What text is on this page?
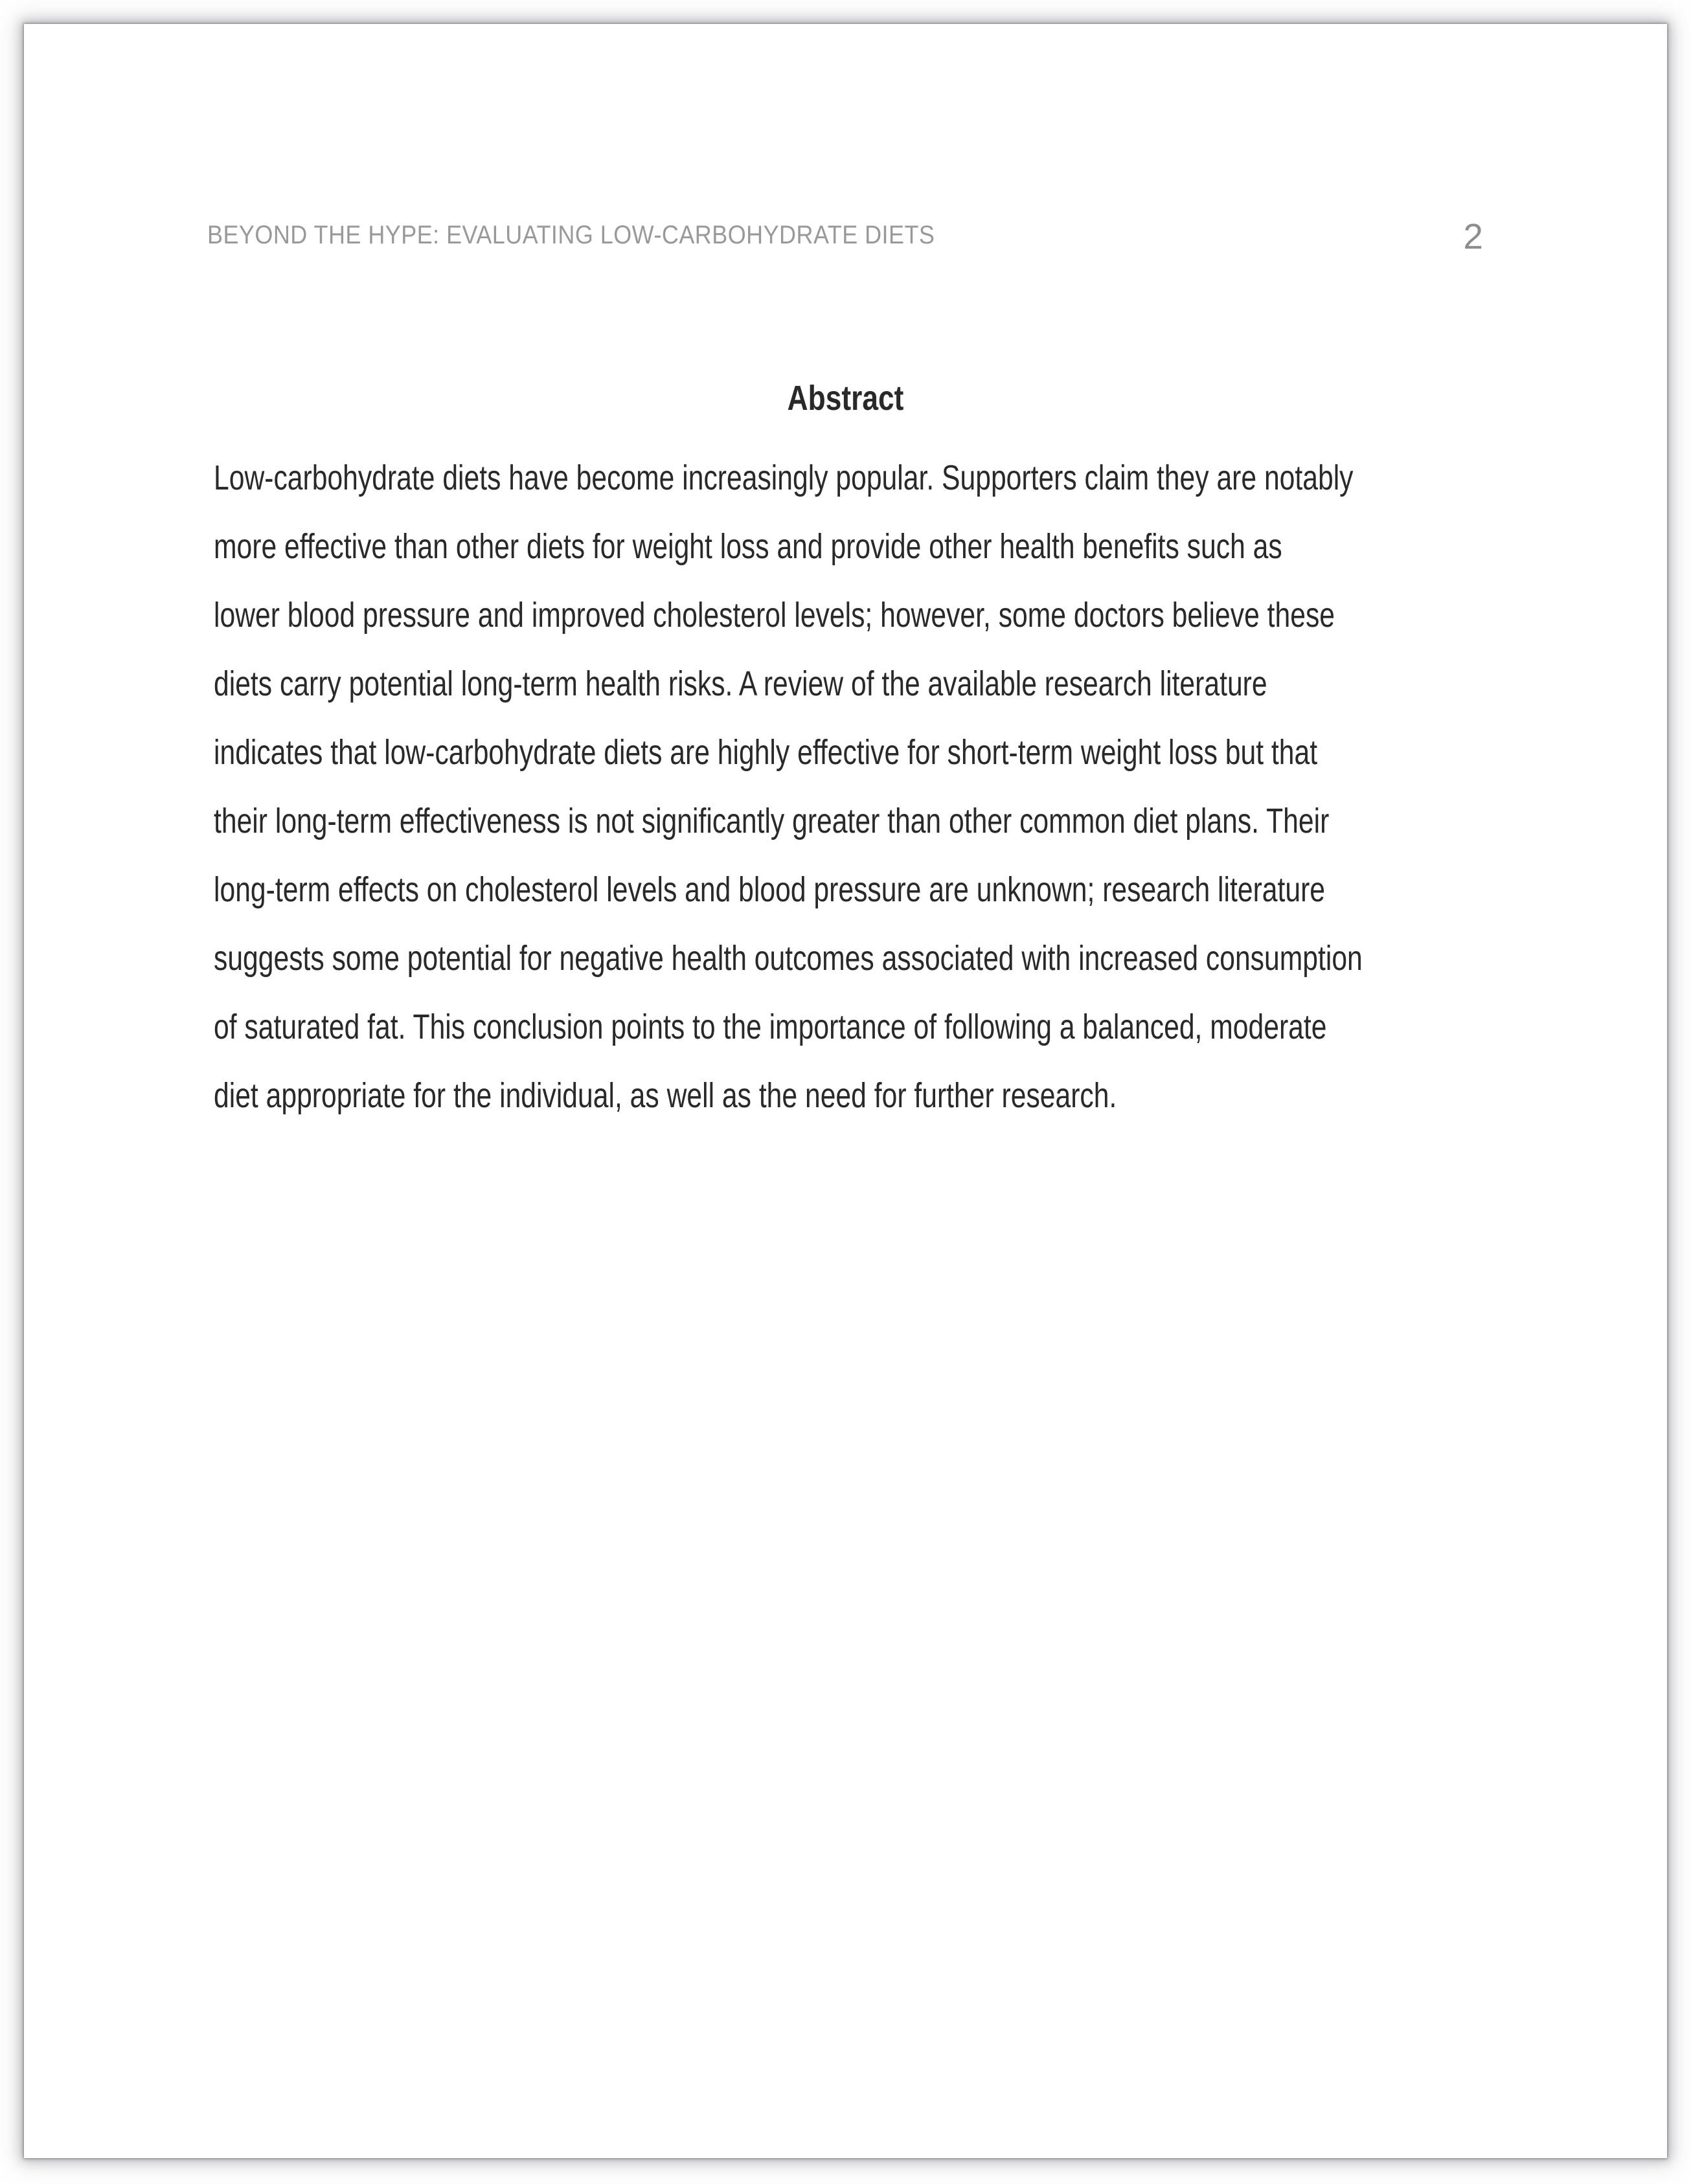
BEYOND THE HYPE: EVALUATING LOW-CARBOHYDRATE DIETS	2
Abstract
Low-carbohydrate diets have become increasingly popular. Supporters claim they are notably
more effective than other diets for weight loss and provide other health benefits such as
lower blood pressure and improved cholesterol levels; however, some doctors believe these
diets carry potential long-term health risks. A review of the available research literature
indicates that low-carbohydrate diets are highly effective for short-term weight loss but that
their long-term effectiveness is not significantly greater than other common diet plans. Their
long-term effects on cholesterol levels and blood pressure are unknown; research literature
suggests some potential for negative health outcomes associated with increased consumption
of saturated fat. This conclusion points to the importance of following a balanced, moderate
diet appropriate for the individual, as well as the need for further research.
